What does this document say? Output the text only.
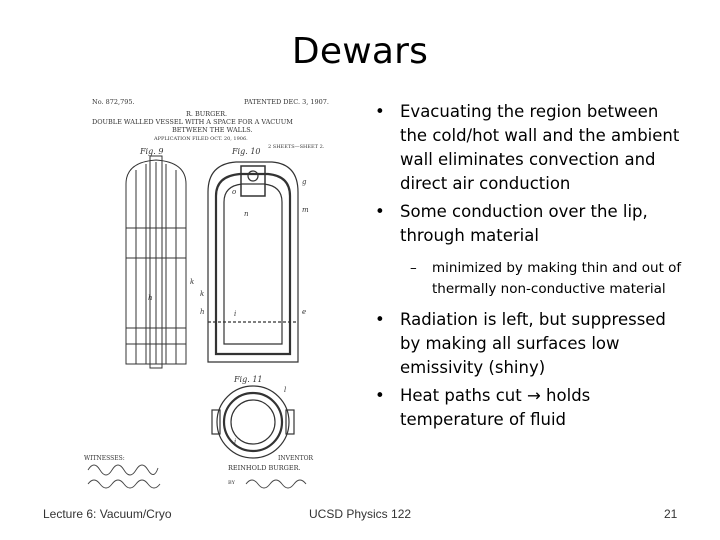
Dewars
No. 872,795.	PATENTED DEC. 3, 1907.
R. BURGER.
DOUBLE WALLED VESSEL WITH A SPACE FOR A VACUUM
BETWEEN THE WALLS.
APPLICATION FILED OCT. 20, 1906.
2 SHEETS—SHEET 2.
Fig. 9	Fig. 10
Fig. 11
WITNESSES:	INVENTOR
REINHOLD BURGER.
BY
k
h
g
m
n
o
k
h	i	e
l
i
• Evacuating the region between the cold/hot wall and the ambient wall eliminates convection and direct air conduction
• Some conduction over the lip, through material
– minimized by making thin and out of thermally non-conductive material
• Radiation is left, but suppressed by making all surfaces low emissivity (shiny)
• Heat paths cut → holds temperature of fluid
Lecture 6: Vacuum/Cryo	UCSD Physics 122	21
